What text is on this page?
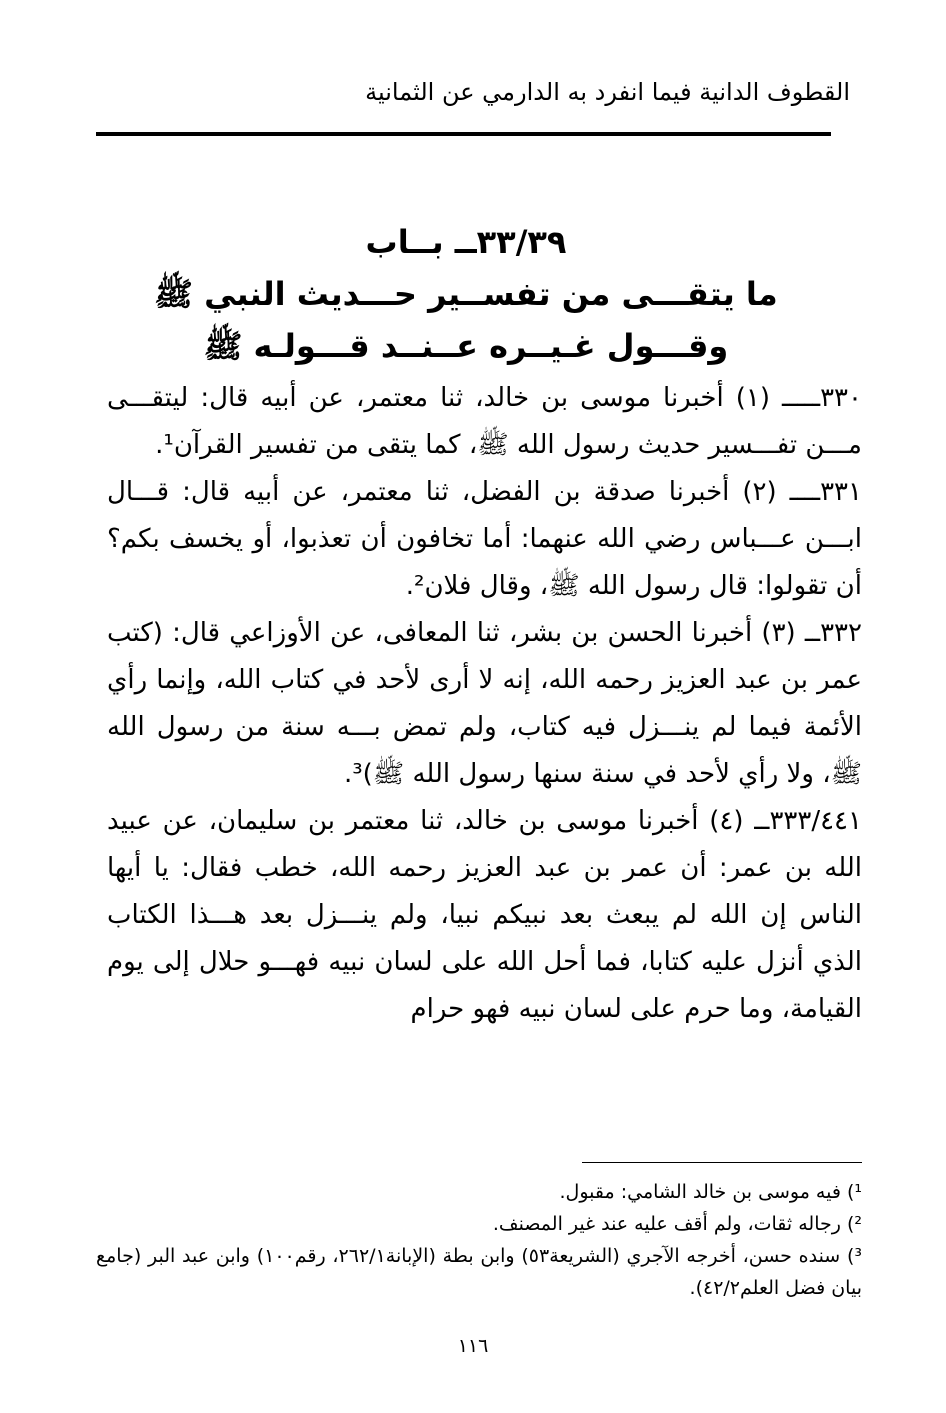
القطوف الدانية فيما انفرد به الدارمي عن الثمانية
٣٣/٣٩ــ بــاب
ما يتقـــى من تفســير حـــديث النبي ﷺ
وقـــول غـيــره عــنــد قـــولـه ﷺ

٣٣٠ـــــ (١) أخبرنا موسى بن خالد، ثنا معتمر، عن أبيه قال: ليتقـــى مـــن تفـــسير حديث رسول الله ﷺ، كما يتقى من تفسير القرآن¹.

٣٣١ــــ (٢) أخبرنا صدقة بن الفضل، ثنا معتمر، عن أبيه قال: قـــال ابـــن عـــباس رضي الله عنهما: أما تخافون أن تعذبوا، أو يخسف بكم؟ أن تقولوا: قال رسول الله ﷺ، وقال فلان².

٣٣٢ــ (٣) أخبرنا الحسن بن بشر، ثنا المعافى، عن الأوزاعي قال: (كتب عمر بن عبد العزيز رحمه الله، إنه لا أرى لأحد في كتاب الله، وإنما رأي الأئمة فيما لم ينـــزل فيه كتاب، ولم تمض بـــه سنة من رسول الله ﷺ، ولا رأي لأحد في سنة سنها رسول الله ﷺ)³.

٣٣٣/٤٤١ــ (٤) أخبرنا موسى بن خالد، ثنا معتمر بن سليمان، عن عبيد الله بن عمر: أن عمر بن عبد العزيز رحمه الله، خطب فقال: يا أيها الناس إن الله لم يبعث بعد نبيكم نبيا، ولم ينـــزل بعد هـــذا الكتاب الذي أنزل عليه كتابا، فما أحل الله على لسان نبيه فهـــو حلال إلى يوم القيامة، وما حرم على لسان نبيه فهو حرام

¹) فيه موسى بن خالد الشامي: مقبول.

²) رجاله ثقات، ولم أقف عليه عند غير المصنف.

³) سنده حسن، أخرجه الآجري (الشريعة٥٣) وابن بطة (الإبانة٢٦٢/١، رقم١٠٠) وابن عبد البر (جامع بيان فضل العلم٤٢/٢).

١١٦
